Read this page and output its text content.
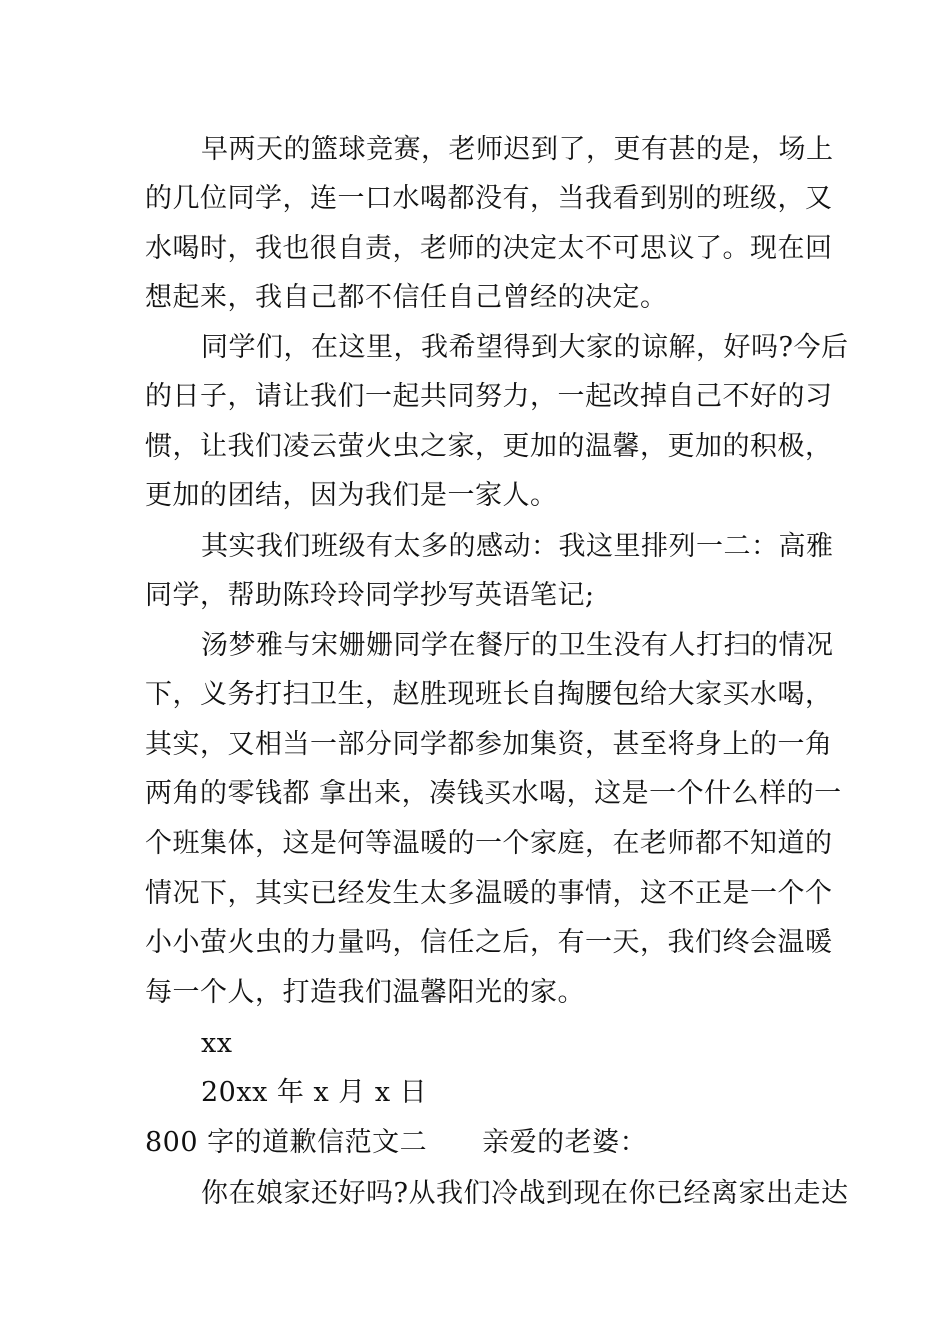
早两天的篮球竞赛，老师迟到了，更有甚的是，场上
的几位同学，连一口水喝都没有，当我看到别的班级，又
水喝时，我也很自责，老师的决定太不可思议了。现在回
想起来，我自己都不信任自己曾经的决定。
同学们，在这里，我希望得到大家的谅解，好吗?今后
的日子，请让我们一起共同努力，一起改掉自己不好的习
惯，让我们凌云萤火虫之家，更加的温馨，更加的积极，
更加的团结，因为我们是一家人。
其实我们班级有太多的感动：我这里排列一二：高雅
同学，帮助陈玲玲同学抄写英语笔记;
汤梦雅与宋姗姗同学在餐厅的卫生没有人打扫的情况
下，义务打扫卫生，赵胜现班长自掏腰包给大家买水喝，
其实，又相当一部分同学都参加集资，甚至将身上的一角
两角的零钱都 拿出来，凑钱买水喝，这是一个什么样的一
个班集体，这是何等温暖的一个家庭，在老师都不知道的
情况下，其实已经发生太多温暖的事情，这不正是一个个
小小萤火虫的力量吗，信任之后，有一天，我们终会温暖
每一个人，打造我们温馨阳光的家。
xx
20xx 年 x 月 x 日
800 字的道歉信范文二　　亲爱的老婆：
你在娘家还好吗?从我们冷战到现在你已经离家出走达
